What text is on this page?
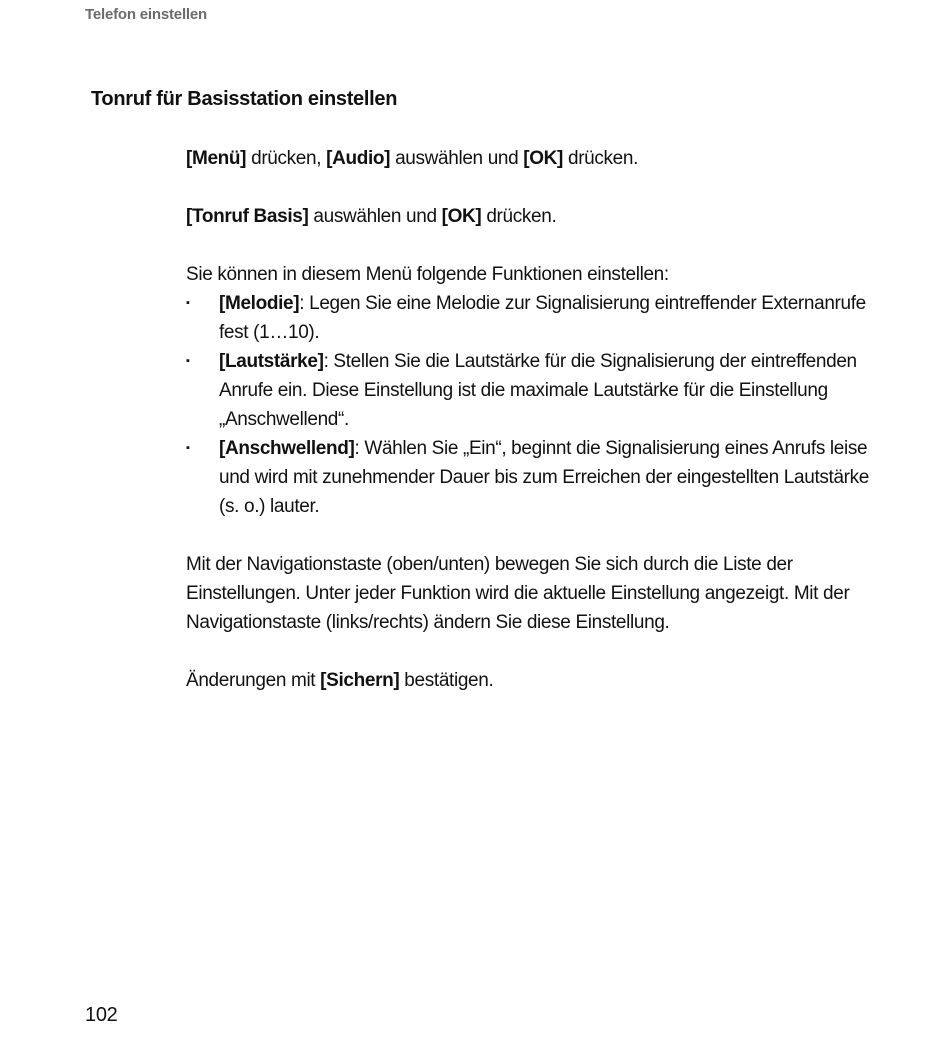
Telefon einstellen
Tonruf für Basisstation einstellen

[Menü] drücken, [Audio] auswählen und [OK] drücken.

[Tonruf Basis] auswählen und [OK] drücken.

Sie können in diesem Menü folgende Funktionen einstellen:

▪ [Melodie]: Legen Sie eine Melodie zur Signalisierung eintreffender Externanrufe fest (1…10).
▪ [Lautstärke]: Stellen Sie die Lautstärke für die Signalisierung der eintreffenden Anrufe ein. Diese Einstellung ist die maximale Lautstärke für die Einstellung „Anschwellend“.
▪ [Anschwellend]: Wählen Sie „Ein“, beginnt die Signalisierung eines Anrufs leise und wird mit zunehmender Dauer bis zum Erreichen der eingestellten Lautstärke (s. o.) lauter.

Mit der Navigationstaste (oben/unten) bewegen Sie sich durch die Liste der Einstellungen. Unter jeder Funktion wird die aktuelle Einstellung angezeigt. Mit der Navigationstaste (links/rechts) ändern Sie diese Einstellung.

Änderungen mit [Sichern] bestätigen.

102
